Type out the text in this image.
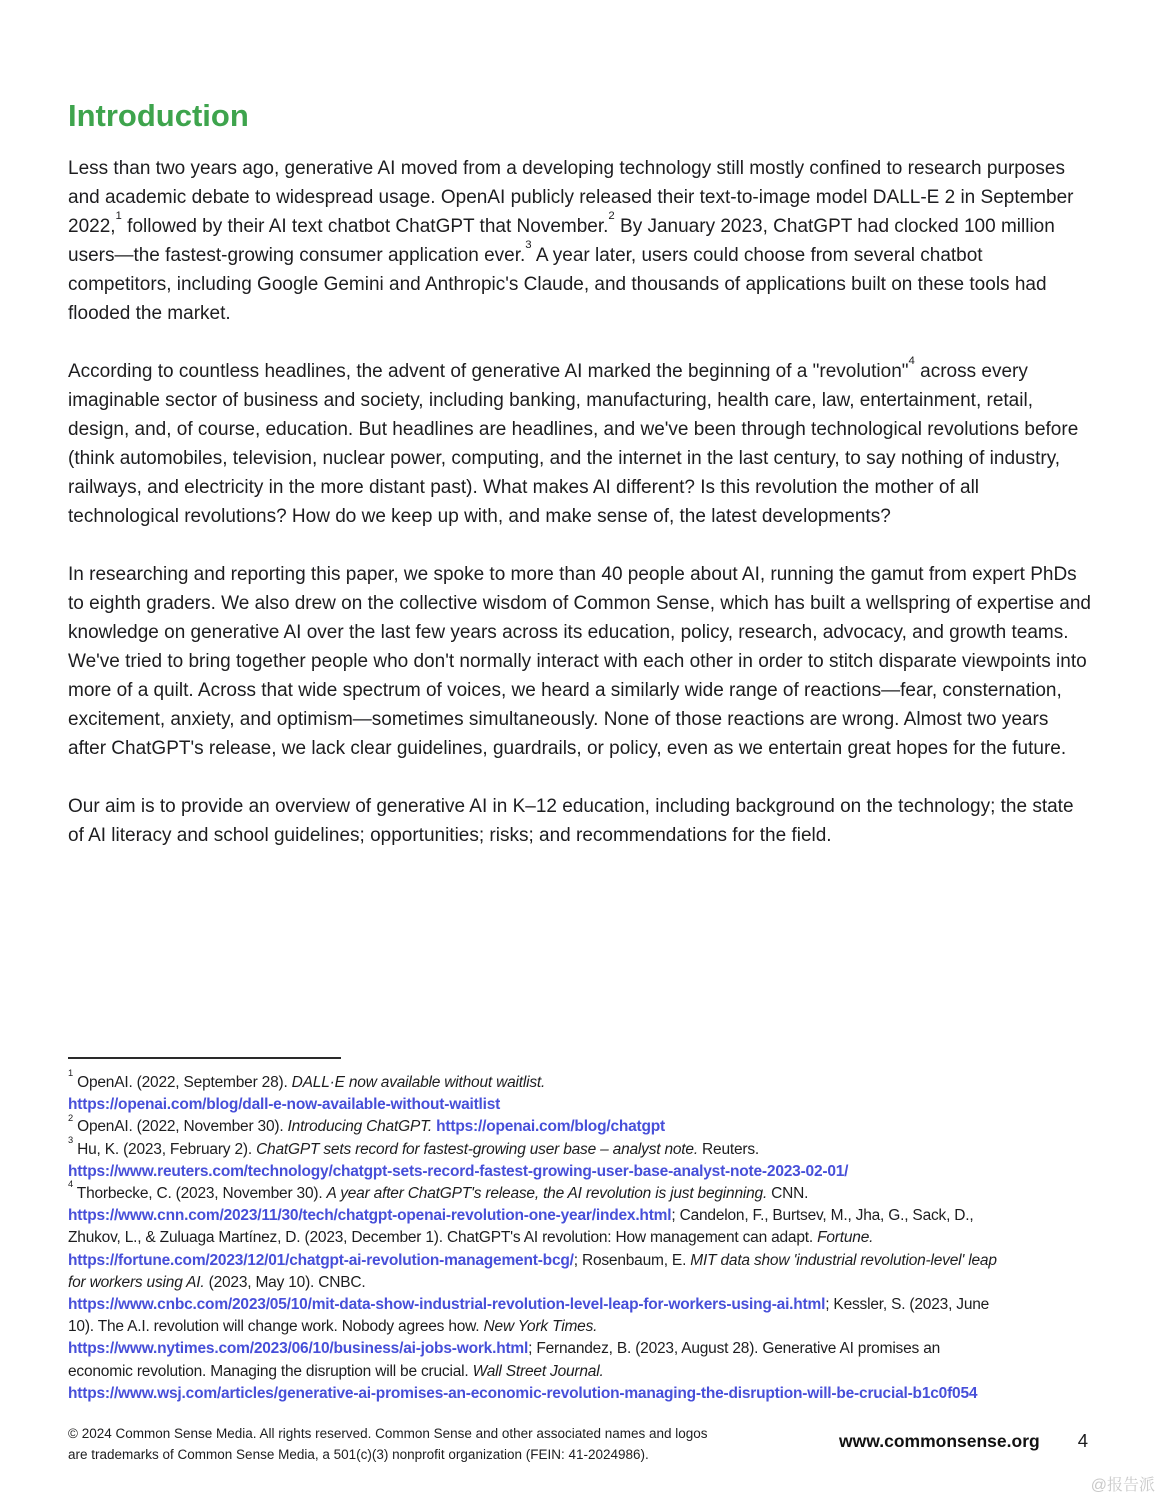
Introduction

Less than two years ago, generative AI moved from a developing technology still mostly confined to research purposes and academic debate to widespread usage. OpenAI publicly released their text-to-image model DALL-E 2 in September 2022,$^1$ followed by their AI text chatbot ChatGPT that November.$^2$ By January 2023, ChatGPT had clocked 100 million users—the fastest-growing consumer application ever.$^3$ A year later, users could choose from several chatbot competitors, including Google Gemini and Anthropic's Claude, and thousands of applications built on these tools had flooded the market.

According to countless headlines, the advent of generative AI marked the beginning of a "revolution"$^4$ across every imaginable sector of business and society, including banking, manufacturing, health care, law, entertainment, retail, design, and, of course, education. But headlines are headlines, and we've been through technological revolutions before (think automobiles, television, nuclear power, computing, and the internet in the last century, to say nothing of industry, railways, and electricity in the more distant past). What makes AI different? Is this revolution the mother of all technological revolutions? How do we keep up with, and make sense of, the latest developments?

In researching and reporting this paper, we spoke to more than 40 people about AI, running the gamut from expert PhDs to eighth graders. We also drew on the collective wisdom of Common Sense, which has built a wellspring of expertise and knowledge on generative AI over the last few years across its education, policy, research, advocacy, and growth teams. We've tried to bring together people who don't normally interact with each other in order to stitch disparate viewpoints into more of a quilt. Across that wide spectrum of voices, we heard a similarly wide range of reactions—fear, consternation, excitement, anxiety, and optimism—sometimes simultaneously. None of those reactions are wrong. Almost two years after ChatGPT's release, we lack clear guidelines, guardrails, or policy, even as we entertain great hopes for the future.

Our aim is to provide an overview of generative AI in K–12 education, including background on the technology; the state of AI literacy and school guidelines; opportunities; risks; and recommendations for the field.

$^1$ OpenAI. (2022, September 28). DALL·E now available without waitlist.
https://openai.com/blog/dall-e-now-available-without-waitlist
$^2$ OpenAI. (2022, November 30). Introducing ChatGPT. https://openai.com/blog/chatgpt
$^3$ Hu, K. (2023, February 2). ChatGPT sets record for fastest-growing user base – analyst note. Reuters.
https://www.reuters.com/technology/chatgpt-sets-record-fastest-growing-user-base-analyst-note-2023-02-01/
$^4$ Thorbecke, C. (2023, November 30). A year after ChatGPT's release, the AI revolution is just beginning. CNN.
https://www.cnn.com/2023/11/30/tech/chatgpt-openai-revolution-one-year/index.html; Candelon, F., Burtsev, M., Jha, G., Sack, D.,
Zhukov, L., & Zuluaga Martínez, D. (2023, December 1). ChatGPT's AI revolution: How management can adapt. Fortune.
https://fortune.com/2023/12/01/chatgpt-ai-revolution-management-bcg/; Rosenbaum, E. MIT data show 'industrial revolution-level' leap
for workers using AI. (2023, May 10). CNBC.
https://www.cnbc.com/2023/05/10/mit-data-show-industrial-revolution-level-leap-for-workers-using-ai.html; Kessler, S. (2023, June
10). The A.I. revolution will change work. Nobody agrees how. New York Times.
https://www.nytimes.com/2023/06/10/business/ai-jobs-work.html; Fernandez, B. (2023, August 28). Generative AI promises an
economic revolution. Managing the disruption will be crucial. Wall Street Journal.
https://www.wsj.com/articles/generative-ai-promises-an-economic-revolution-managing-the-disruption-will-be-crucial-b1c0f054
© 2024 Common Sense Media. All rights reserved. Common Sense and other associated names and logos
are trademarks of Common Sense Media, a 501(c)(3) nonprofit organization (FEIN: 41-2024986).
www.commonsense.org 4
@报告派
